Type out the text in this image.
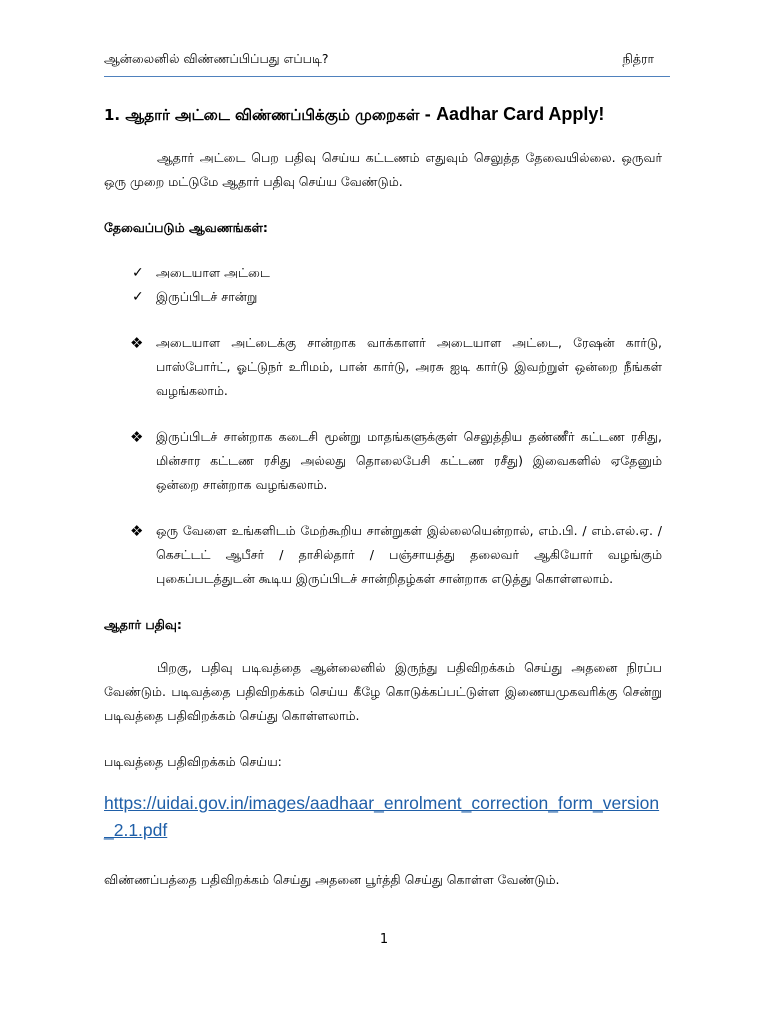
ஆன்லைனில் விண்ணப்பிப்பது எப்படி?	நித்ரா
1. ஆதார் அட்டை விண்ணப்பிக்கும் முறைகள் - Aadhar Card Apply!

ஆதார் அட்டை பெற பதிவு செய்ய கட்டணம் எதுவும் செலுத்த தேவையில்லை. ஒருவர் ஒரு முறை மட்டுமே ஆதார் பதிவு செய்ய வேண்டும்.

தேவைப்படும் ஆவணங்கள்:

✓ அடையாள அட்டை
✓ இருப்பிடச் சான்று
❖ அடையாள அட்டைக்கு சான்றாக வாக்காளர் அடையாள அட்டை, ரேஷன் கார்டு, பாஸ்போர்ட், ஓட்டுநர் உரிமம், பான் கார்டு, அரசு ஐடி கார்டு இவற்றுள் ஒன்றை நீங்கள் வழங்கலாம்.
❖ இருப்பிடச் சான்றாக கடைசி மூன்று மாதங்களுக்குள் செலுத்திய தண்ணீர் கட்டண ரசிது, மின்சார கட்டண ரசிது அல்லது தொலைபேசி கட்டண ரசீது) இவைகளில் ஏதேனும் ஒன்றை சான்றாக வழங்கலாம்.
❖ ஒரு வேளை உங்களிடம் மேற்கூறிய சான்றுகள் இல்லையென்றால், எம்.பி. / எம்.எல்.ஏ. / கெசட்டட் ஆபீசர் / தாசில்தார் / பஞ்சாயத்து தலைவர் ஆகியோர் வழங்கும் புகைப்படத்துடன் கூடிய இருப்பிடச் சான்றிதழ்கள் சான்றாக எடுத்து கொள்ளலாம்.

ஆதார் பதிவு:

பிறகு, பதிவு படிவத்தை ஆன்லைனில் இருந்து பதிவிறக்கம் செய்து அதனை நிரப்ப வேண்டும். படிவத்தை பதிவிறக்கம் செய்ய கீழே கொடுக்கப்பட்டுள்ள இணையமுகவரிக்கு சென்று படிவத்தை பதிவிறக்கம் செய்து கொள்ளலாம்.

படிவத்தை பதிவிறக்கம் செய்ய:

https://uidai.gov.in/images/aadhaar_enrolment_correction_form_version_2.1.pdf

விண்ணப்பத்தை பதிவிறக்கம் செய்து அதனை பூர்த்தி செய்து கொள்ள வேண்டும்.

1
